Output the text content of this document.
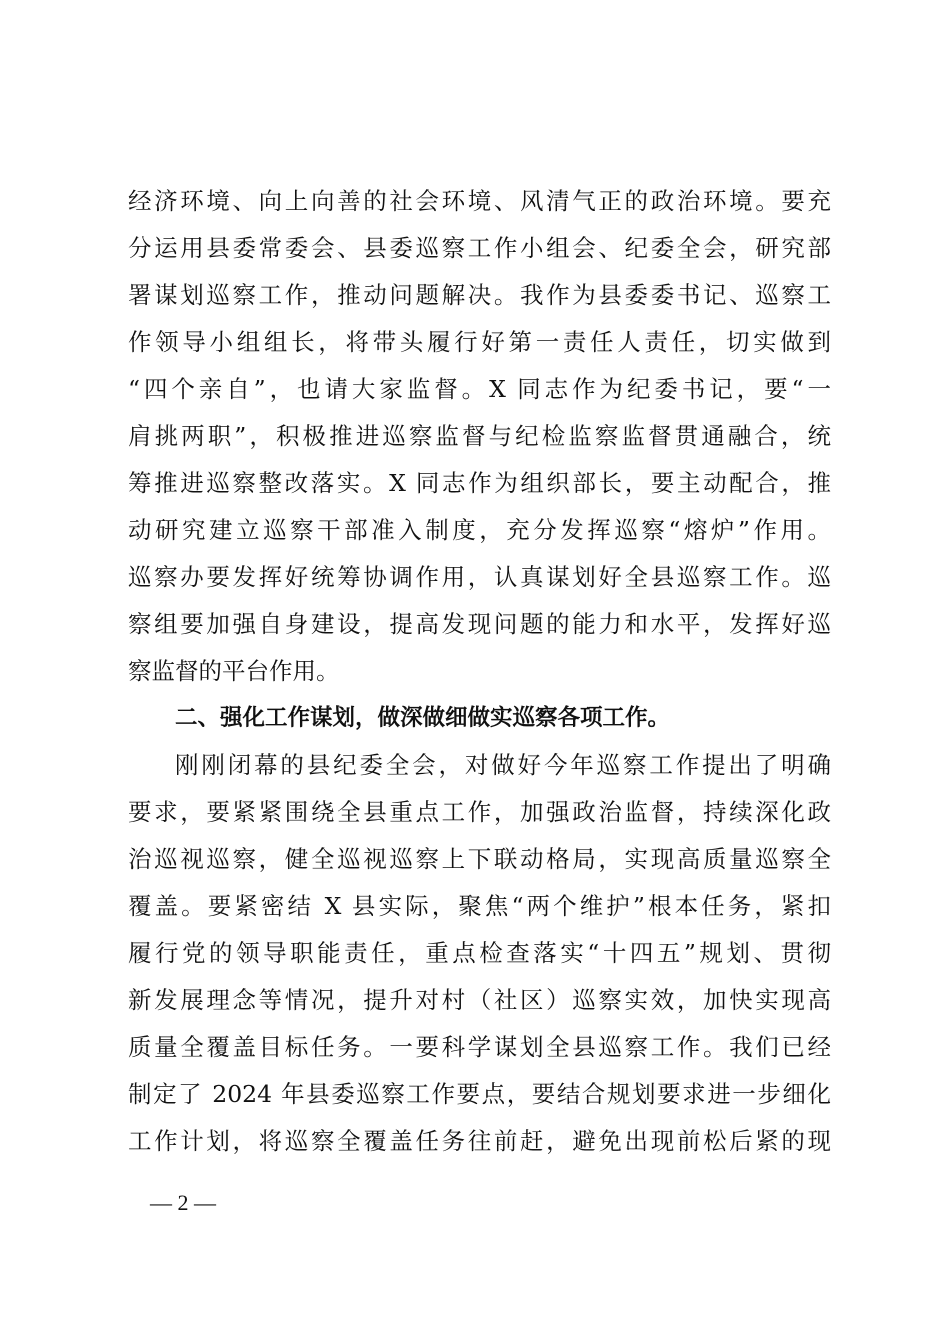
经济环境、向上向善的社会环境、风清气正的政治环境。要充
分运用县委常委会、县委巡察工作小组会、纪委全会，研究部
署谋划巡察工作，推动问题解决。我作为县委委书记、巡察工
作领导小组组长，将带头履行好第一责任人责任，切实做到
“四个亲自”，也请大家监督。X 同志作为纪委书记，要“一
肩挑两职”，积极推进巡察监督与纪检监察监督贯通融合，统
筹推进巡察整改落实。X 同志作为组织部长，要主动配合，推
动研究建立巡察干部准入制度，充分发挥巡察“熔炉”作用。
巡察办要发挥好统筹协调作用，认真谋划好全县巡察工作。巡
察组要加强自身建设，提高发现问题的能力和水平，发挥好巡
察监督的平台作用。
二、强化工作谋划，做深做细做实巡察各项工作。
刚刚闭幕的县纪委全会，对做好今年巡察工作提出了明确
要求，要紧紧围绕全县重点工作，加强政治监督，持续深化政
治巡视巡察，健全巡视巡察上下联动格局，实现高质量巡察全
覆盖。要紧密结 X 县实际，聚焦“两个维护”根本任务，紧扣
履行党的领导职能责任，重点检查落实“十四五”规划、贯彻
新发展理念等情况，提升对村（社区）巡察实效，加快实现高
质量全覆盖目标任务。一要科学谋划全县巡察工作。我们已经
制定了 2024 年县委巡察工作要点，要结合规划要求进一步细化
工作计划，将巡察全覆盖任务往前赶，避免出现前松后紧的现
— 2 —
